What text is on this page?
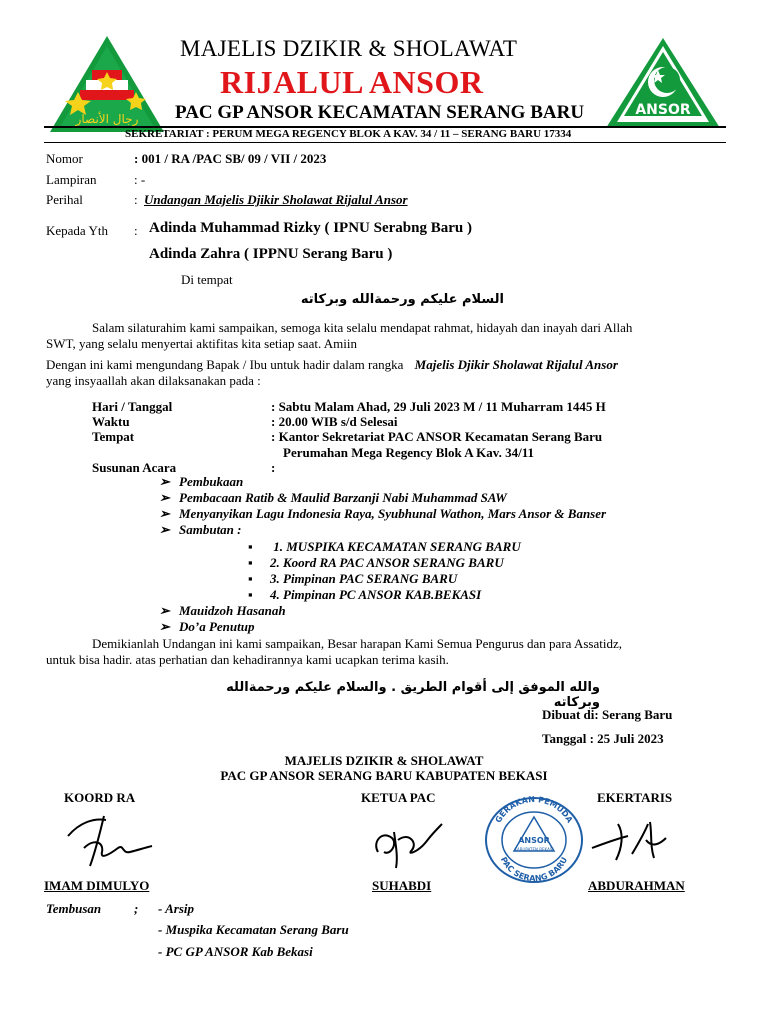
رجال الأنصار
ANSOR
MAJELIS DZIKIR & SHOLAWAT
RIJALUL ANSOR
PAC GP ANSOR KECAMATAN SERANG BARU
SEKRETARIAT : PERUM MEGA REGENCY BLOK A KAV. 34 / 11 – SERANG BARU 17334
Nomor	: 001 / RA /PAC SB/ 09 / VII / 2023
Lampiran	: -
Perihal	: Undangan Majelis Djikir Sholawat Rijalul Ansor
Kepada Yth : Adinda Muhammad Rizky ( IPNU Serabng Baru )
Adinda Zahra ( IPPNU Serang Baru )
Di tempat
السلام عليكم ورحمةالله وبركاته
Salam silaturahim kami sampaikan, semoga kita selalu mendapat rahmat, hidayah dan inayah dari Allah
SWT, yang selalu menyertai aktifitas kita setiap saat. Amiin
Dengan ini kami mengundang Bapak / Ibu untuk hadir dalam rangka Majelis Djikir Sholawat Rijalul Ansor
yang insyaallah akan dilaksanakan pada :
Hari / Tanggal	: Sabtu Malam Ahad, 29 Juli 2023 M / 11 Muharram 1445 H
Waktu	: 20.00 WIB s/d Selesai
Tempat	: Kantor Sekretariat PAC ANSOR Kecamatan Serang Baru
Perumahan Mega Regency Blok A Kav. 34/11
Susunan Acara	:
➢ Pembukaan
➢ Pembacaan Ratib & Maulid Barzanji Nabi Muhammad SAW
➢ Menyanyikan Lagu Indonesia Raya, Syubhunal Wathon, Mars Ansor & Banser
➢ Sambutan :
▪ 1. MUSPIKA KECAMATAN SERANG BARU
▪ 2. Koord RA PAC ANSOR SERANG BARU
▪ 3. Pimpinan PAC SERANG BARU
▪ 4. Pimpinan PC ANSOR KAB.BEKASI
➢ Mauidzoh Hasanah
➢ Do’a Penutup
Demikianlah Undangan ini kami sampaikan, Besar harapan Kami Semua Pengurus dan para Assatidz,
untuk bisa hadir. atas perhatian dan kehadirannya kami ucapkan terima kasih.
والله الموفق إلى أقوام الطريق . والسلام عليكم ورحمةالله وبركاته
Dibuat di: Serang Baru
Tanggal : 25 Juli 2023
MAJELIS DZIKIR & SHOLAWAT
PAC GP ANSOR SERANG BARU KABUPATEN BEKASI
KOORD RA	KETUA PAC	EKERTARIS
GERAKAN PEMUDA
ANSOR
KABUPATEN BEKASI
PAC SERANG BARU
IMAM DIMULYO	SUHABDI	ABDURAHMAN
Tembusan	; - Arsip
- Muspika Kecamatan Serang Baru
- PC GP ANSOR Kab Bekasi
